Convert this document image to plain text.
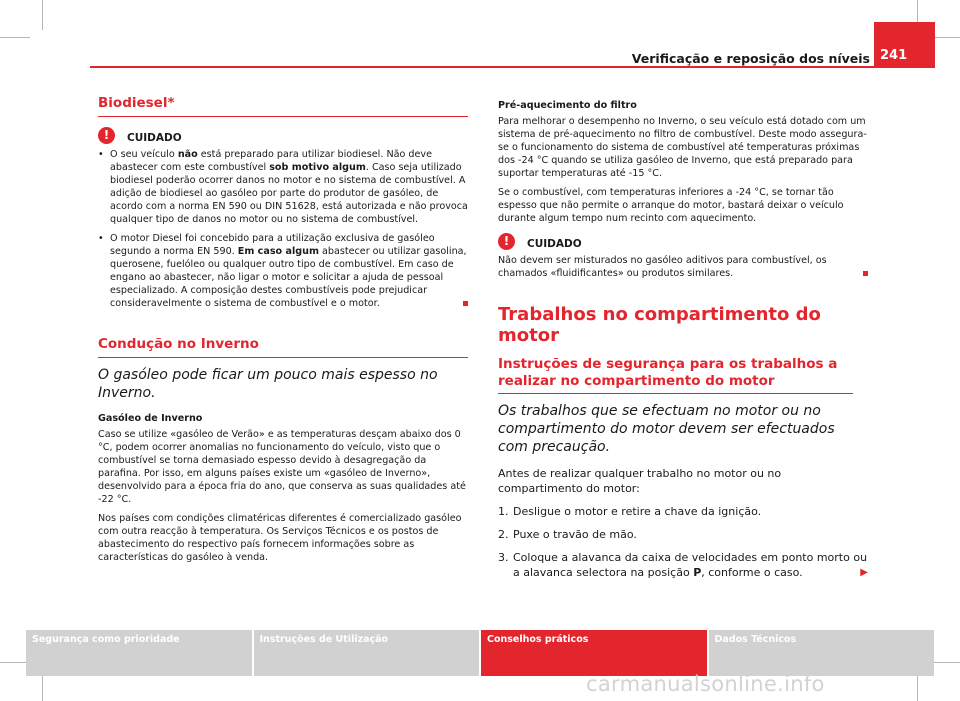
Verificação e reposição dos níveis 241
Biodiesel*
!	CUIDADO

• O seu veículo não está preparado para utilizar biodiesel. Não deve abastecer com este combustível sob motivo algum. Caso seja utilizado biodiesel poderão ocorrer danos no motor e no sistema de combustível. A adição de biodiesel ao gasóleo por parte do produtor de gasóleo, de acordo com a norma EN 590 ou DIN 51628, está autorizada e não provoca qualquer tipo de danos no motor ou no sistema de combustível.

• O motor Diesel foi concebido para a utilização exclusiva de gasóleo segundo a norma EN 590. Em caso algum abastecer ou utilizar gasolina, querosene, fuelóleo ou qualquer outro tipo de combustível. Em caso de engano ao abastecer, não ligar o motor e solicitar a ajuda de pessoal especializado. A composição destes combustíveis pode prejudicar consideravelmente o sistema de combustível e o motor.

Condução no Inverno

O gasóleo pode ficar um pouco mais espesso no Inverno.

Gasóleo de Inverno

Caso se utilize «gasóleo de Verão» e as temperaturas desçam abaixo dos 0 °C, podem ocorrer anomalias no funcionamento do veículo, visto que o combustível se torna demasiado espesso devido à desagregação da parafina. Por isso, em alguns países existe um «gasóleo de Inverno», desenvolvido para a época fria do ano, que conserva as suas qualidades até -22 °C.

Nos países com condições climatéricas diferentes é comercializado gasóleo com outra reacção à temperatura. Os Serviços Técnicos e os postos de abastecimento do respectivo país fornecem informações sobre as características do gasóleo à venda.

Pré-aquecimento do filtro

Para melhorar o desempenho no Inverno, o seu veículo está dotado com um sistema de pré-aquecimento no filtro de combustível. Deste modo assegura-se o funcionamento do sistema de combustível até temperaturas próximas dos -24 °C quando se utiliza gasóleo de Inverno, que está preparado para suportar temperaturas até -15 °C.

Se o combustível, com temperaturas inferiores a -24 °C, se tornar tão espesso que não permite o arranque do motor, bastará deixar o veículo durante algum tempo num recinto com aquecimento.

!	CUIDADO

Não devem ser misturados no gasóleo aditivos para combustível, os chamados «fluidificantes» ou produtos similares.

Trabalhos no compartimento do motor
Instruções de segurança para os trabalhos a realizar no compartimento do motor

Os trabalhos que se efectuam no motor ou no compartimento do motor devem ser efectuados com precaução.

Antes de realizar qualquer trabalho no motor ou no compartimento do motor:

1. Desligue o motor e retire a chave da ignição.
2. Puxe o travão de mão.
3. Coloque a alavanca da caixa de velocidades em ponto morto ou a alavanca selectora na posição P, conforme o caso.	▶
Segurança como prioridade	Instruções de Utilização	Conselhos práticos	Dados Técnicos
carmanualsonline.info
